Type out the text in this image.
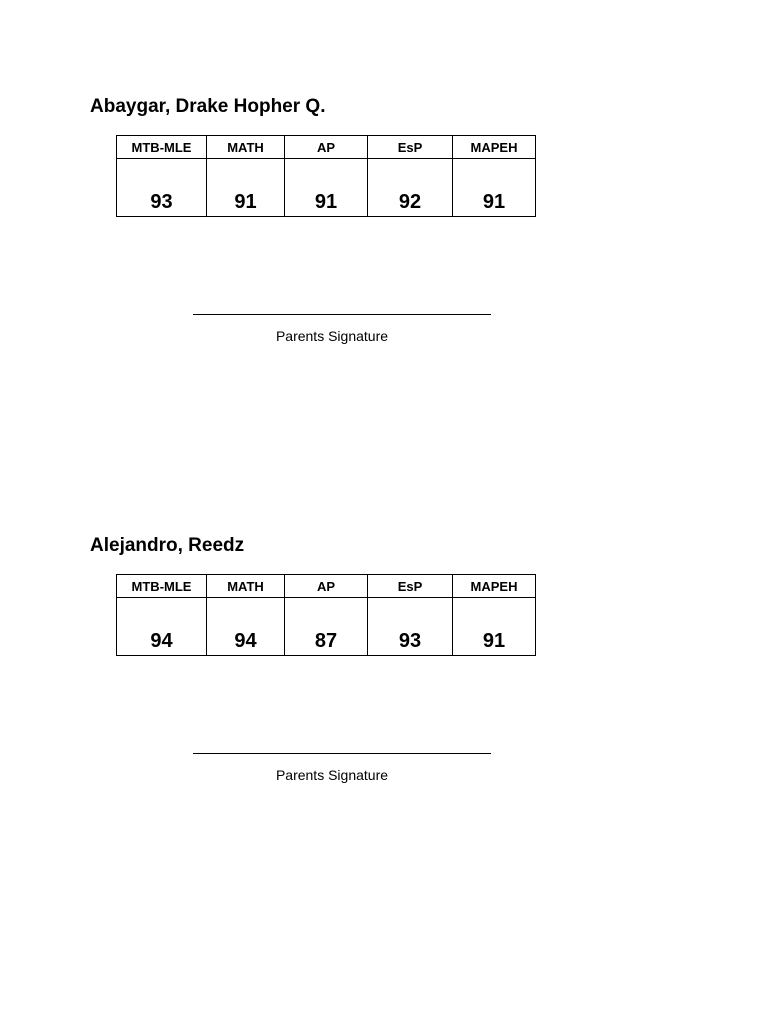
Abaygar, Drake Hopher Q.
MTB-MLE	MATH	AP	EsP	MAPEH
93	91	91	92	91
Parents Signature
Alejandro, Reedz
MTB-MLE	MATH	AP	EsP	MAPEH
94	94	87	93	91
Parents Signature
